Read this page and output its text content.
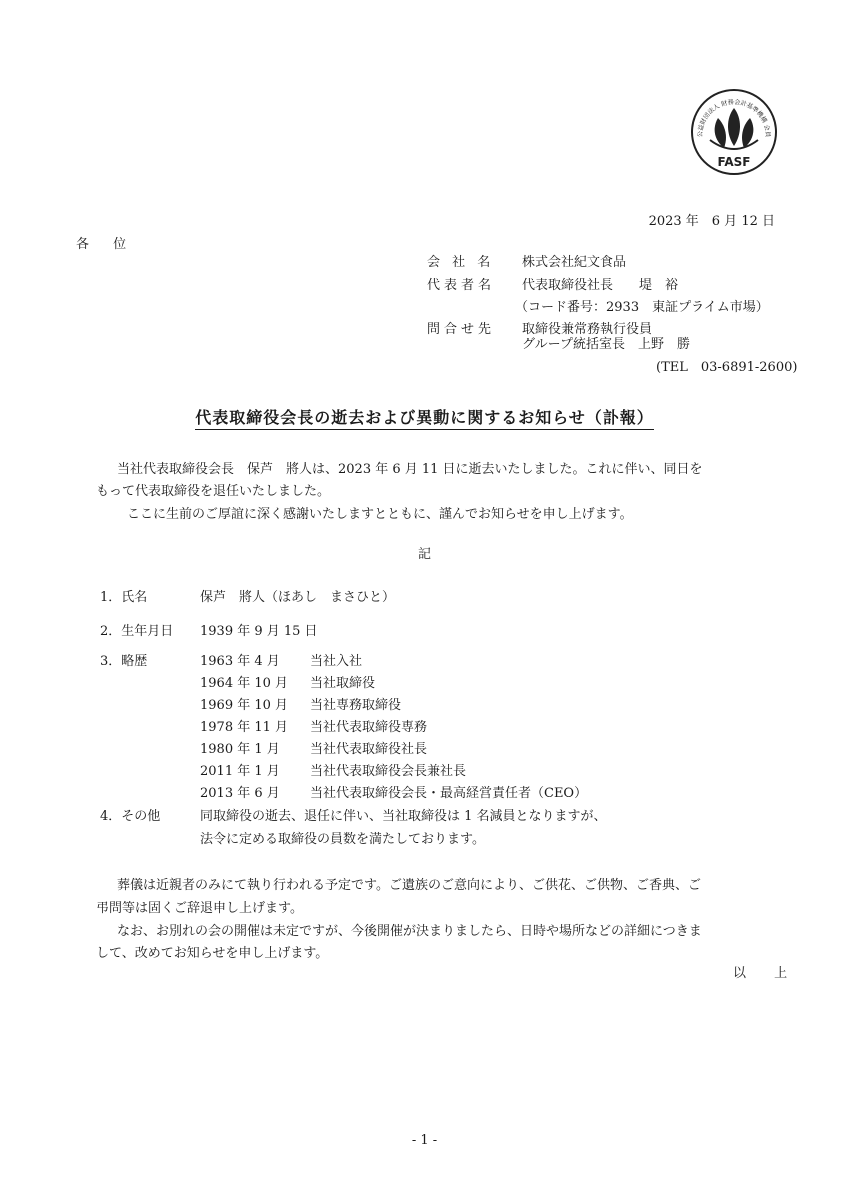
公益財団法人 財務会計基準機構 会員
FASF
2023 年　6 月 12 日
各 位
会 社 名 株式会社紀文食品
代表者名 代表取締役社長　　堤　裕
（コード番号：2933　東証プライム市場）
問合せ先 取締役兼常務執行役員
グループ統括室長　上野　勝
(TEL　03-6891-2600)
代表取締役会長の逝去および異動に関するお知らせ（訃報）
当社代表取締役会長　保芦　將人は、2023 年 6 月 11 日に逝去いたしました。これに伴い、同日を
もって代表取締役を退任いたしました。
ここに生前のご厚誼に深く感謝いたしますとともに、謹んでお知らせを申し上げます。
記
1．氏名	保芦　將人（ほあし　まさひと）
2．生年月日 1939 年 9 月 15 日
3．略歴	1963 年 4 月 当社入社
1964 年 10 月 当社取締役
1969 年 10 月 当社専務取締役
1978 年 11 月 当社代表取締役専務
1980 年 1 月 当社代表取締役社長
2011 年 1 月 当社代表取締役会長兼社長
2013 年 6 月 当社代表取締役会長・最高経営責任者（CEO）
4．その他	同取締役の逝去、退任に伴い、当社取締役は 1 名減員となりますが、
法令に定める取締役の員数を満たしております。
葬儀は近親者のみにて執り行われる予定です。ご遺族のご意向により、ご供花、ご供物、ご香典、ご
弔問等は固くご辞退申し上げます。
なお、お別れの会の開催は未定ですが、今後開催が決まりましたら、日時や場所などの詳細につきま
して、改めてお知らせを申し上げます。
以 上
- 1 -
